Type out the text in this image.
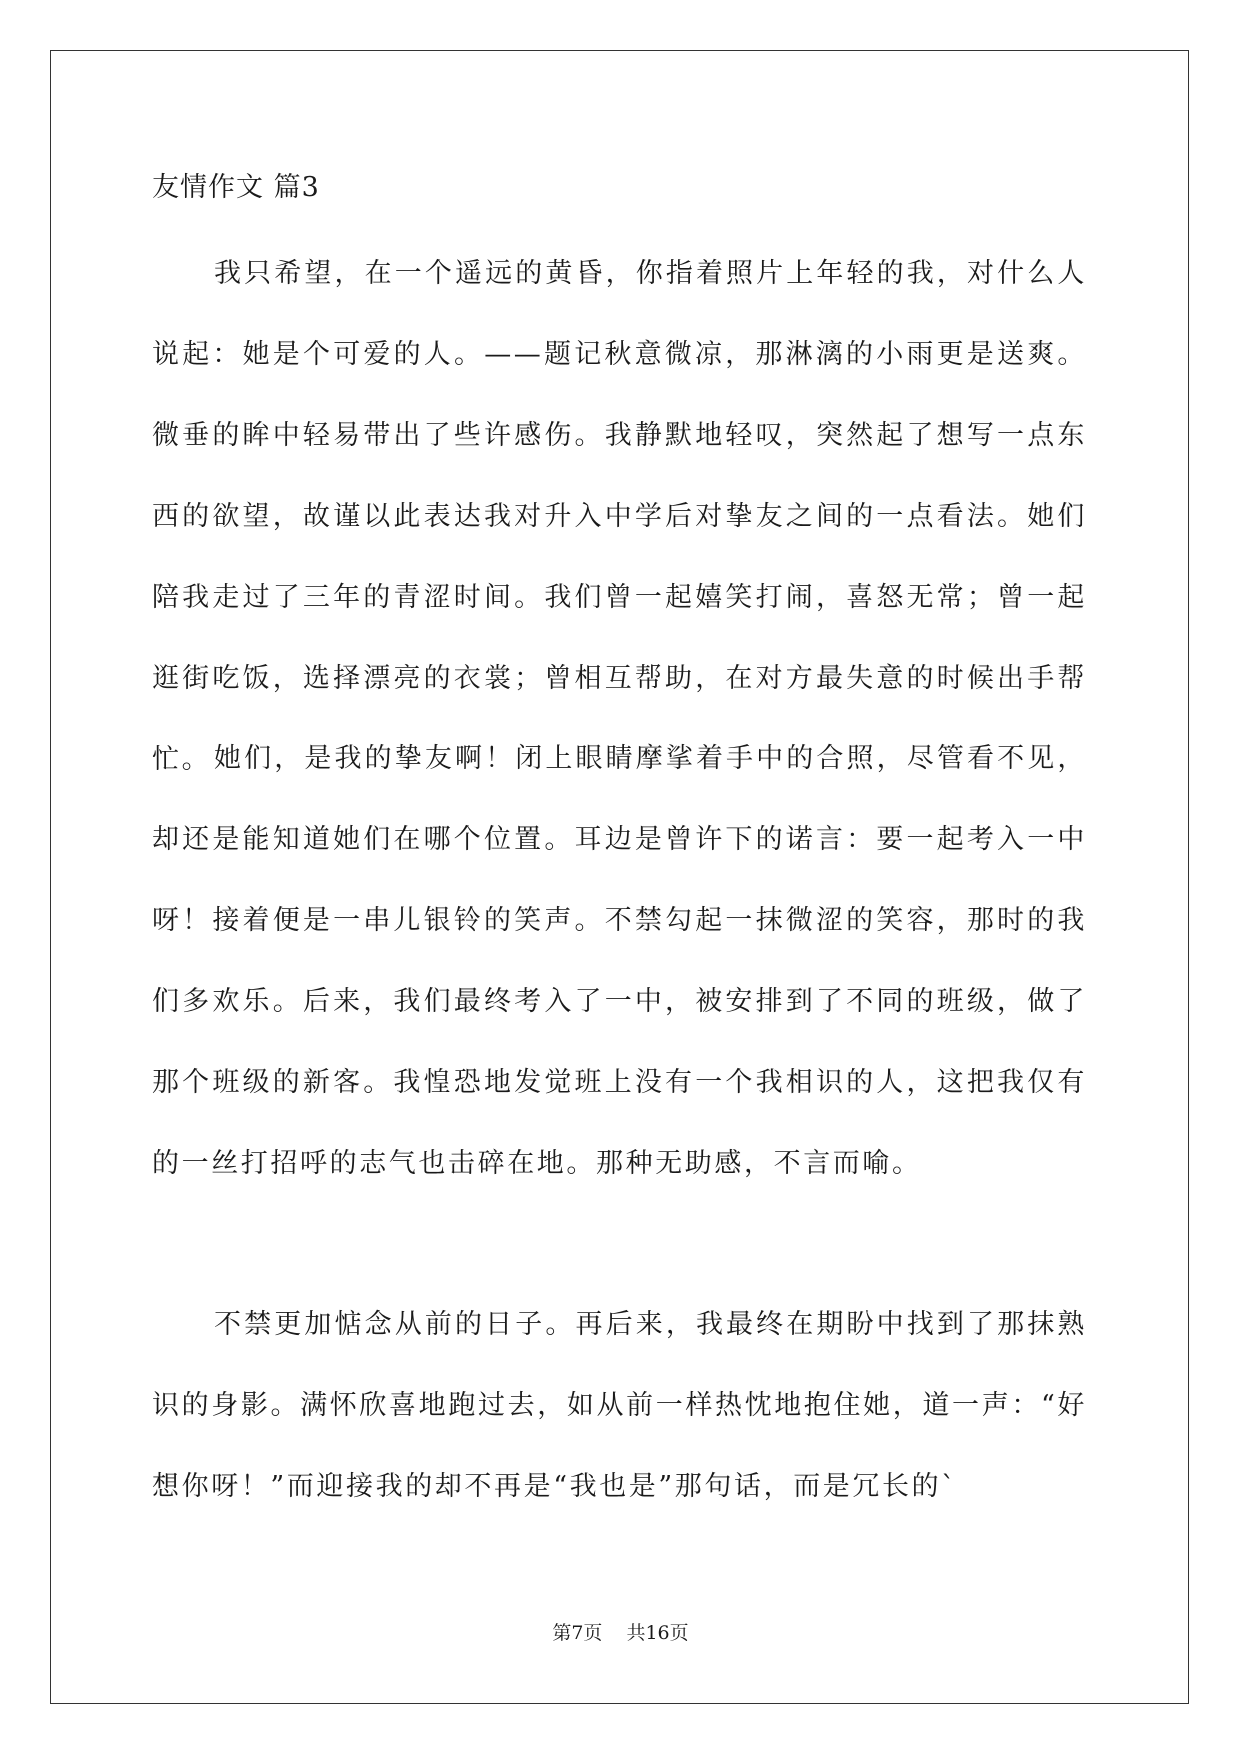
友情作文 篇3

我只希望，在一个遥远的黄昏，你指着照片上年轻的我，对什么人说起：她是个可爱的人。——题记秋意微凉，那淋漓的小雨更是送爽。微垂的眸中轻易带出了些许感伤。我静默地轻叹，突然起了想写一点东西的欲望，故谨以此表达我对升入中学后对挚友之间的一点看法。她们陪我走过了三年的青涩时间。我们曾一起嬉笑打闹，喜怒无常；曾一起逛街吃饭，选择漂亮的衣裳；曾相互帮助，在对方最失意的时候出手帮忙。 她们，是我的挚友啊！闭上眼睛摩挲着手中的合照，尽管看不见，却还是能知道她们在哪个位置。耳边是曾许下的诺言：要一起考入一中呀！接着便是一串儿银铃的笑声。不禁勾起一抹微涩的笑容，那时的我们多欢乐。后来，我们最终考入了一中，被安排到了不同的班级，做了那个班级的新客。我惶恐地发觉班上没有一个我相识的人，这把我仅有的一丝打招呼的志气也击碎在地。那种无助感，不言而喻。

不禁更加惦念从前的日子。再后来，我最终在期盼中找到了那抹熟识的身影。满怀欣喜地跑过去，如从前一样热忱地抱住她，道一声：“好想你呀！”而迎接我的却不再是“我也是”那句话，而是冗长的`

第7页 共16页
